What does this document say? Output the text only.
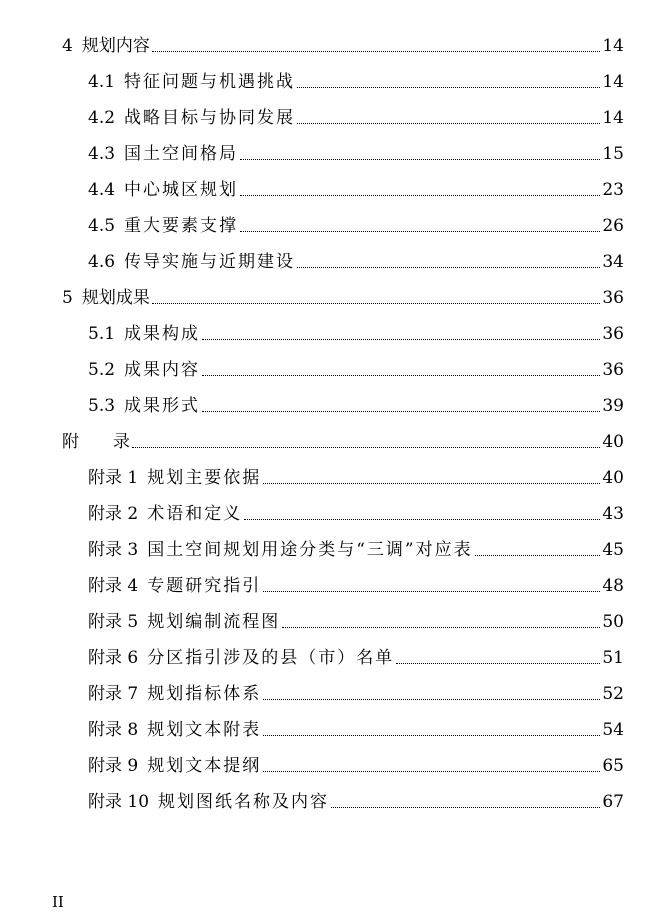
4 规划内容	14
4.1 特征问题与机遇挑战	14
4.2 战略目标与协同发展	14
4.3 国土空间格局	15
4.4 中心城区规划	23
4.5 重大要素支撑	26
4.6 传导实施与近期建设	34
5 规划成果	36
5.1 成果构成	36
5.2 成果内容	36
5.3 成果形式	39
附 录	40
附录 1 规划主要依据	40
附录 2 术语和定义	43
附录 3 国土空间规划用途分类与“三调”对应表	45
附录 4 专题研究指引	48
附录 5 规划编制流程图	50
附录 6 分区指引涉及的县（市）名单	51
附录 7 规划指标体系	52
附录 8 规划文本附表	54
附录 9 规划文本提纲	65
附录 10 规划图纸名称及内容	67
II
